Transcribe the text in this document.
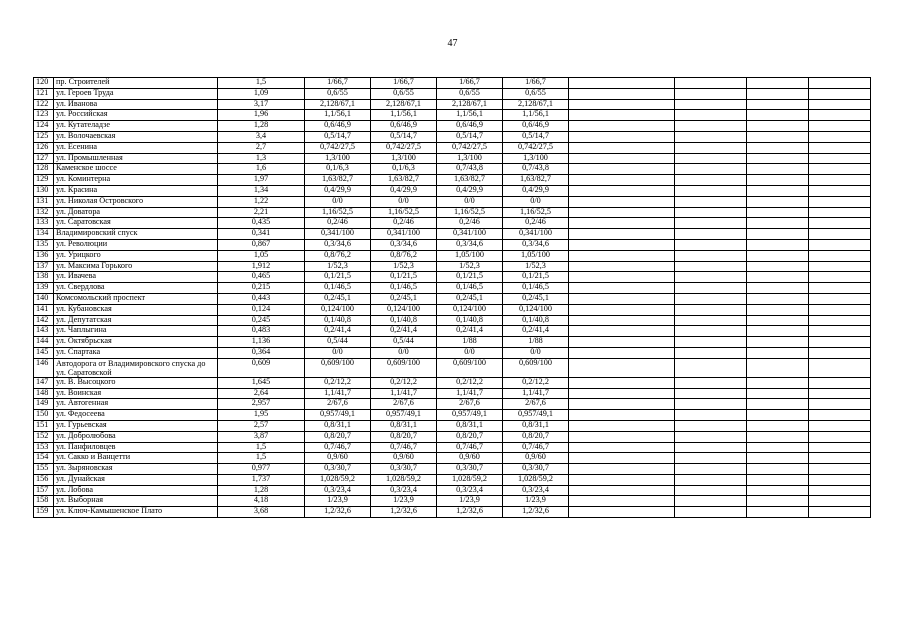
47
120	пр. Строителей	1,5	1/66,7	1/66,7	1/66,7	1/66,7				
121	ул. Героев Труда	1,09	0,6/55	0,6/55	0,6/55	0,6/55				
122	ул. Иванова	3,17	2,128/67,1	2,128/67,1	2,128/67,1	2,128/67,1				
123	ул. Российская	1,96	1,1/56,1	1,1/56,1	1,1/56,1	1,1/56,1				
124	ул. Кутателадзе	1,28	0,6/46,9	0,6/46,9	0,6/46,9	0,6/46,9				
125	ул. Волочаевская	3,4	0,5/14,7	0,5/14,7	0,5/14,7	0,5/14,7				
126	ул. Есенина	2,7	0,742/27,5	0,742/27,5	0,742/27,5	0,742/27,5				
127	ул. Промышленная	1,3	1,3/100	1,3/100	1,3/100	1,3/100				
128	Каменское шоссе	1,6	0,1/6,3	0,1/6,3	0,7/43,8	0,7/43,8				
129	ул. Коминтерна	1,97	1,63/82,7	1,63/82,7	1,63/82,7	1,63/82,7				
130	ул. Красина	1,34	0,4/29,9	0,4/29,9	0,4/29,9	0,4/29,9				
131	ул. Николая Островского	1,22	0/0	0/0	0/0	0/0				
132	ул. Доватора	2,21	1,16/52,5	1,16/52,5	1,16/52,5	1,16/52,5				
133	ул. Саратовская	0,435	0,2/46	0,2/46	0,2/46	0,2/46				
134	Владимировский спуск	0,341	0,341/100	0,341/100	0,341/100	0,341/100				
135	ул. Революции	0,867	0,3/34,6	0,3/34,6	0,3/34,6	0,3/34,6				
136	ул. Урицкого	1,05	0,8/76,2	0,8/76,2	1,05/100	1,05/100				
137	ул. Максима Горького	1,912	1/52,3	1/52,3	1/52,3	1/52,3				
138	ул. Ивачева	0,465	0,1/21,5	0,1/21,5	0,1/21,5	0,1/21,5				
139	ул. Свердлова	0,215	0,1/46,5	0,1/46,5	0,1/46,5	0,1/46,5				
140	Комсомольский проспект	0,443	0,2/45,1	0,2/45,1	0,2/45,1	0,2/45,1				
141	ул. Кубановская	0,124	0,124/100	0,124/100	0,124/100	0,124/100				
142	ул. Депутатская	0,245	0,1/40,8	0,1/40,8	0,1/40,8	0,1/40,8				
143	ул. Чаплыгина	0,483	0,2/41,4	0,2/41,4	0,2/41,4	0,2/41,4				
144	ул. Октябрьская	1,136	0,5/44	0,5/44	1/88	1/88				
145	ул. Спартака	0,364	0/0	0/0	0/0	0/0				
146	Автодорога от Владимировского спуска до ул. Саратовской	0,609	0,609/100	0,609/100	0,609/100	0,609/100				
147	ул. В. Высоцкого	1,645	0,2/12,2	0,2/12,2	0,2/12,2	0,2/12,2				
148	ул. Воинская	2,64	1,1/41,7	1,1/41,7	1,1/41,7	1,1/41,7				
149	ул. Автогенная	2,957	2/67,6	2/67,6	2/67,6	2/67,6				
150	ул. Федосеева	1,95	0,957/49,1	0,957/49,1	0,957/49,1	0,957/49,1				
151	ул. Гурьевская	2,57	0,8/31,1	0,8/31,1	0,8/31,1	0,8/31,1				
152	ул. Добролюбова	3,87	0,8/20,7	0,8/20,7	0,8/20,7	0,8/20,7				
153	ул. Панфиловцев	1,5	0,7/46,7	0,7/46,7	0,7/46,7	0,7/46,7				
154	ул. Сакко и Ванцетти	1,5	0,9/60	0,9/60	0,9/60	0,9/60				
155	ул. Зыряновская	0,977	0,3/30,7	0,3/30,7	0,3/30,7	0,3/30,7				
156	ул. Дунайская	1,737	1,028/59,2	1,028/59,2	1,028/59,2	1,028/59,2				
157	ул. Лобова	1,28	0,3/23,4	0,3/23,4	0,3/23,4	0,3/23,4				
158	ул. Выборная	4,18	1/23,9	1/23,9	1/23,9	1/23,9				
159	ул. Ключ-Камышенское Плато	3,68	1,2/32,6	1,2/32,6	1,2/32,6	1,2/32,6				
